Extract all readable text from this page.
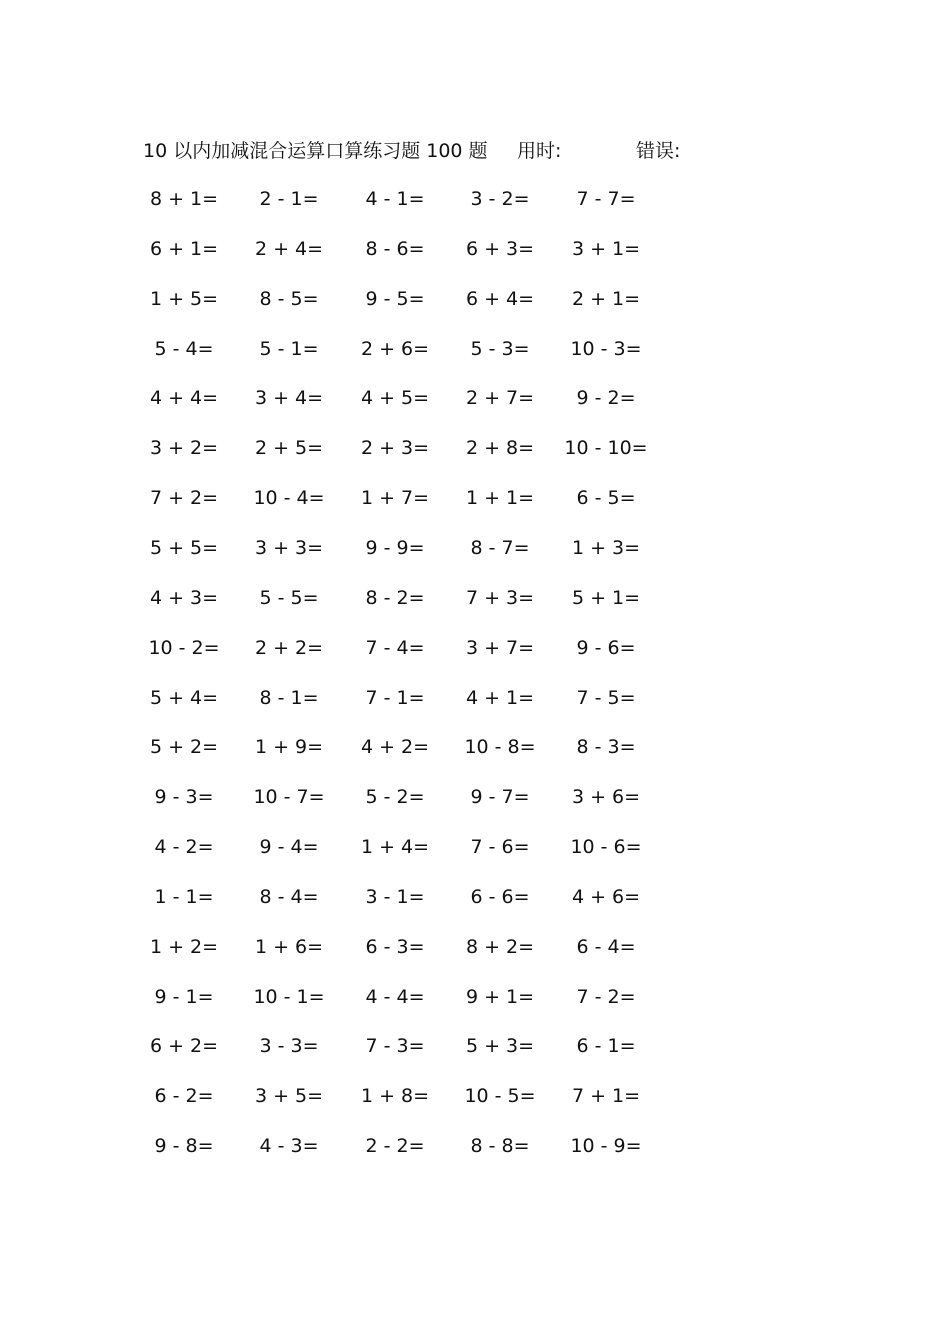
10 以内加减混合运算口算练习题 100 题 用时:	错误:
8 + 1= 2 - 1= 4 - 1= 3 - 2= 7 - 7=
6 + 1= 2 + 4= 8 - 6= 6 + 3= 3 + 1=
1 + 5= 8 - 5= 9 - 5= 6 + 4= 2 + 1=
5 - 4= 5 - 1= 2 + 6= 5 - 3= 10 - 3=
4 + 4= 3 + 4= 4 + 5= 2 + 7= 9 - 2=
3 + 2= 2 + 5= 2 + 3= 2 + 8= 10 - 10=
7 + 2= 10 - 4= 1 + 7= 1 + 1= 6 - 5=
5 + 5= 3 + 3= 9 - 9= 8 - 7= 1 + 3=
4 + 3= 5 - 5= 8 - 2= 7 + 3= 5 + 1=
10 - 2= 2 + 2= 7 - 4= 3 + 7= 9 - 6=
5 + 4= 8 - 1= 7 - 1= 4 + 1= 7 - 5=
5 + 2= 1 + 9= 4 + 2= 10 - 8= 8 - 3=
9 - 3= 10 - 7= 5 - 2= 9 - 7= 3 + 6=
4 - 2= 9 - 4= 1 + 4= 7 - 6= 10 - 6=
1 - 1= 8 - 4= 3 - 1= 6 - 6= 4 + 6=
1 + 2= 1 + 6= 6 - 3= 8 + 2= 6 - 4=
9 - 1= 10 - 1= 4 - 4= 9 + 1= 7 - 2=
6 + 2= 3 - 3= 7 - 3= 5 + 3= 6 - 1=
6 - 2= 3 + 5= 1 + 8= 10 - 5= 7 + 1=
9 - 8= 4 - 3= 2 - 2= 8 - 8= 10 - 9=
